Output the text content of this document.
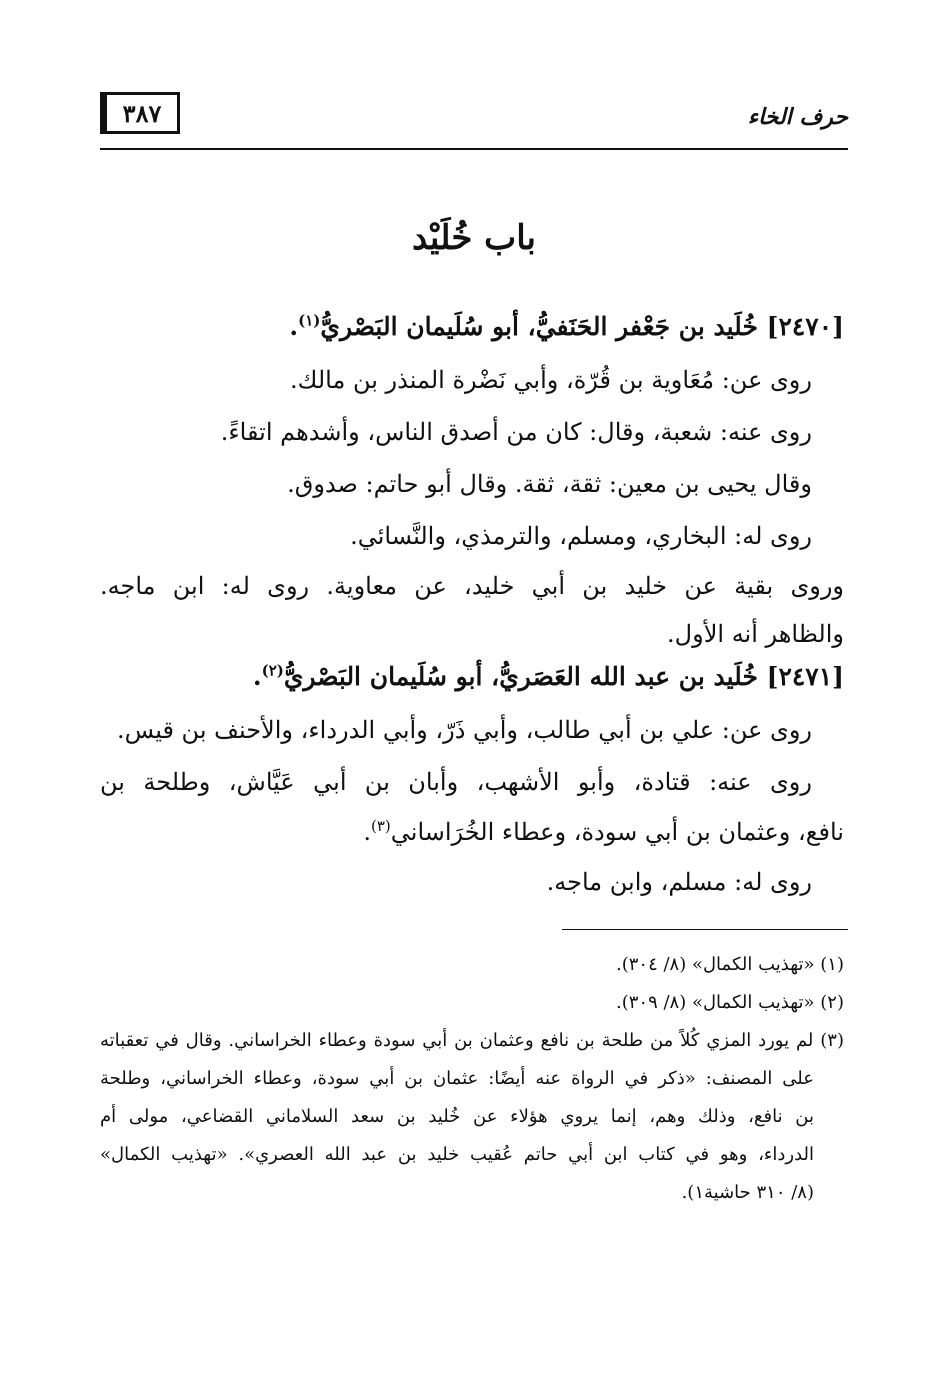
٣٨٧	حرف الخاء
باب خُلَيْد
[٢٤٧٠] خُلَيد بن جَعْفر الحَنَفيُّ، أبو سُلَيمان البَصْريُّ$^{(١)}$.
روى عن: مُعَاوية بن قُرّة، وأبي نَضْرة المنذر بن مالك.
روى عنه: شعبة، وقال: كان من أصدق الناس، وأشدهم اتقاءً.
وقال يحيى بن معين: ثقة، ثقة. وقال أبو حاتم: صدوق.
روى له: البخاري، ومسلم، والترمذي، والنَّسائي.
وروى بقية عن خليد بن أبي خليد، عن معاوية. روى له: ابن ماجه.
والظاهر أنه الأول.
[٢٤٧١] خُلَيد بن عبد الله العَصَريُّ، أبو سُلَيمان البَصْريُّ$^{(٢)}$.
روى عن: علي بن أبي طالب، وأبي ذَرّ، وأبي الدرداء، والأحنف بن قيس.
روى عنه: قتادة، وأبو الأشهب، وأبان بن أبي عَيَّاش، وطلحة بن
نافع، وعثمان بن أبي سودة، وعطاء الخُرَاساني$^{(٣)}$.
روى له: مسلم، وابن ماجه.
(١) «تهذيب الكمال» (٨/ ٣٠٤).
(٢) «تهذيب الكمال» (٨/ ٣٠٩).
(٣) لم يورد المزي كُلاً من طلحة بن نافع وعثمان بن أبي سودة وعطاء الخراساني. وقال في تعقباته
على المصنف: «ذكر في الرواة عنه أيضًا: عثمان بن أبي سودة، وعطاء الخراساني، وطلحة
بن نافع، وذلك وهم، إنما يروي هؤلاء عن خُليد بن سعد السلاماني القضاعي، مولى أم
الدرداء، وهو في كتاب ابن أبي حاتم عُقيب خليد بن عبد الله العصري». «تهذيب الكمال»
(٨/ ٣١٠ حاشية١).
